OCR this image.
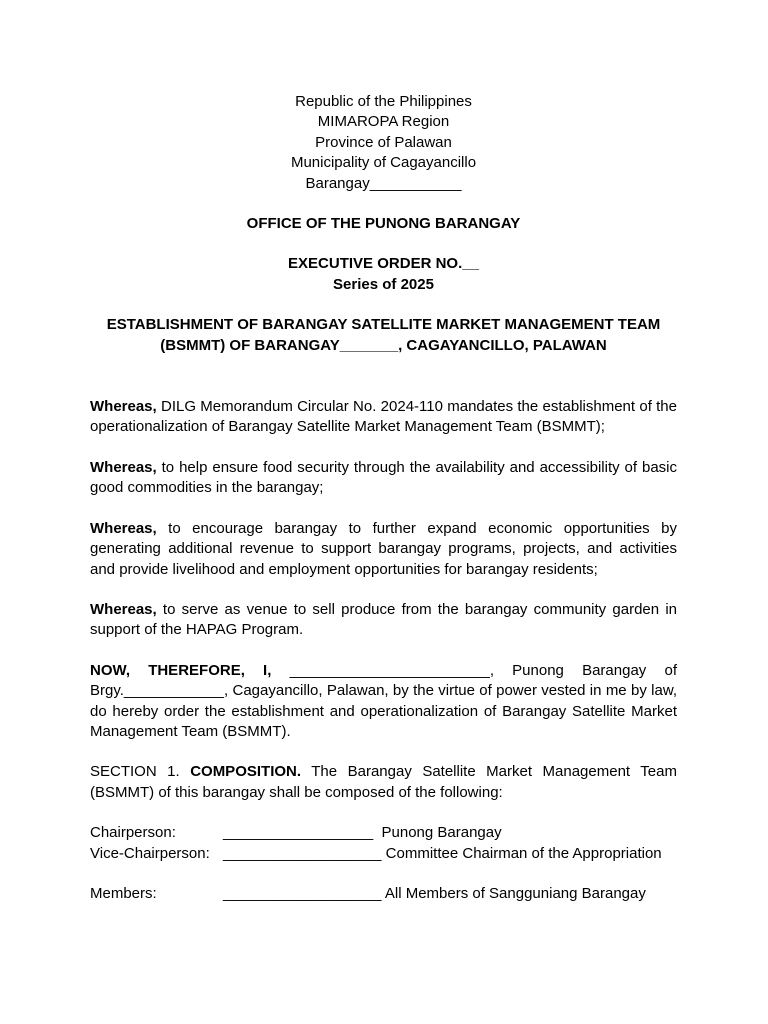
Republic of the Philippines
MIMAROPA Region
Province of Palawan
Municipality of Cagayancillo
Barangay___________
OFFICE OF THE PUNONG BARANGAY
EXECUTIVE ORDER NO.__
Series of 2025
ESTABLISHMENT OF BARANGAY SATELLITE MARKET MANAGEMENT TEAM
(BSMMT) OF BARANGAY_______, CAGAYANCILLO, PALAWAN
Whereas, DILG Memorandum Circular No. 2024-110 mandates the establishment of the operationalization of Barangay Satellite Market Management Team (BSMMT);
Whereas, to help ensure food security through the availability and accessibility of basic good commodities in the barangay;
Whereas, to encourage barangay to further expand economic opportunities by generating additional revenue to support barangay programs, projects, and activities and provide livelihood and employment opportunities for barangay residents;
Whereas, to serve as venue to sell produce from the barangay community garden in support of the HAPAG Program.
NOW, THEREFORE, I, ________________________, Punong Barangay of Brgy.____________, Cagayancillo, Palawan, by the virtue of power vested in me by law, do hereby order the establishment and operationalization of Barangay Satellite Market Management Team (BSMMT).
SECTION 1. COMPOSITION. The Barangay Satellite Market Management Team (BSMMT) of this barangay shall be composed of the following:
Chairperson:	__________________ Punong Barangay
Vice-Chairperson: ___________________ Committee Chairman of the Appropriation
Members:	___________________ All Members of Sangguniang Barangay
